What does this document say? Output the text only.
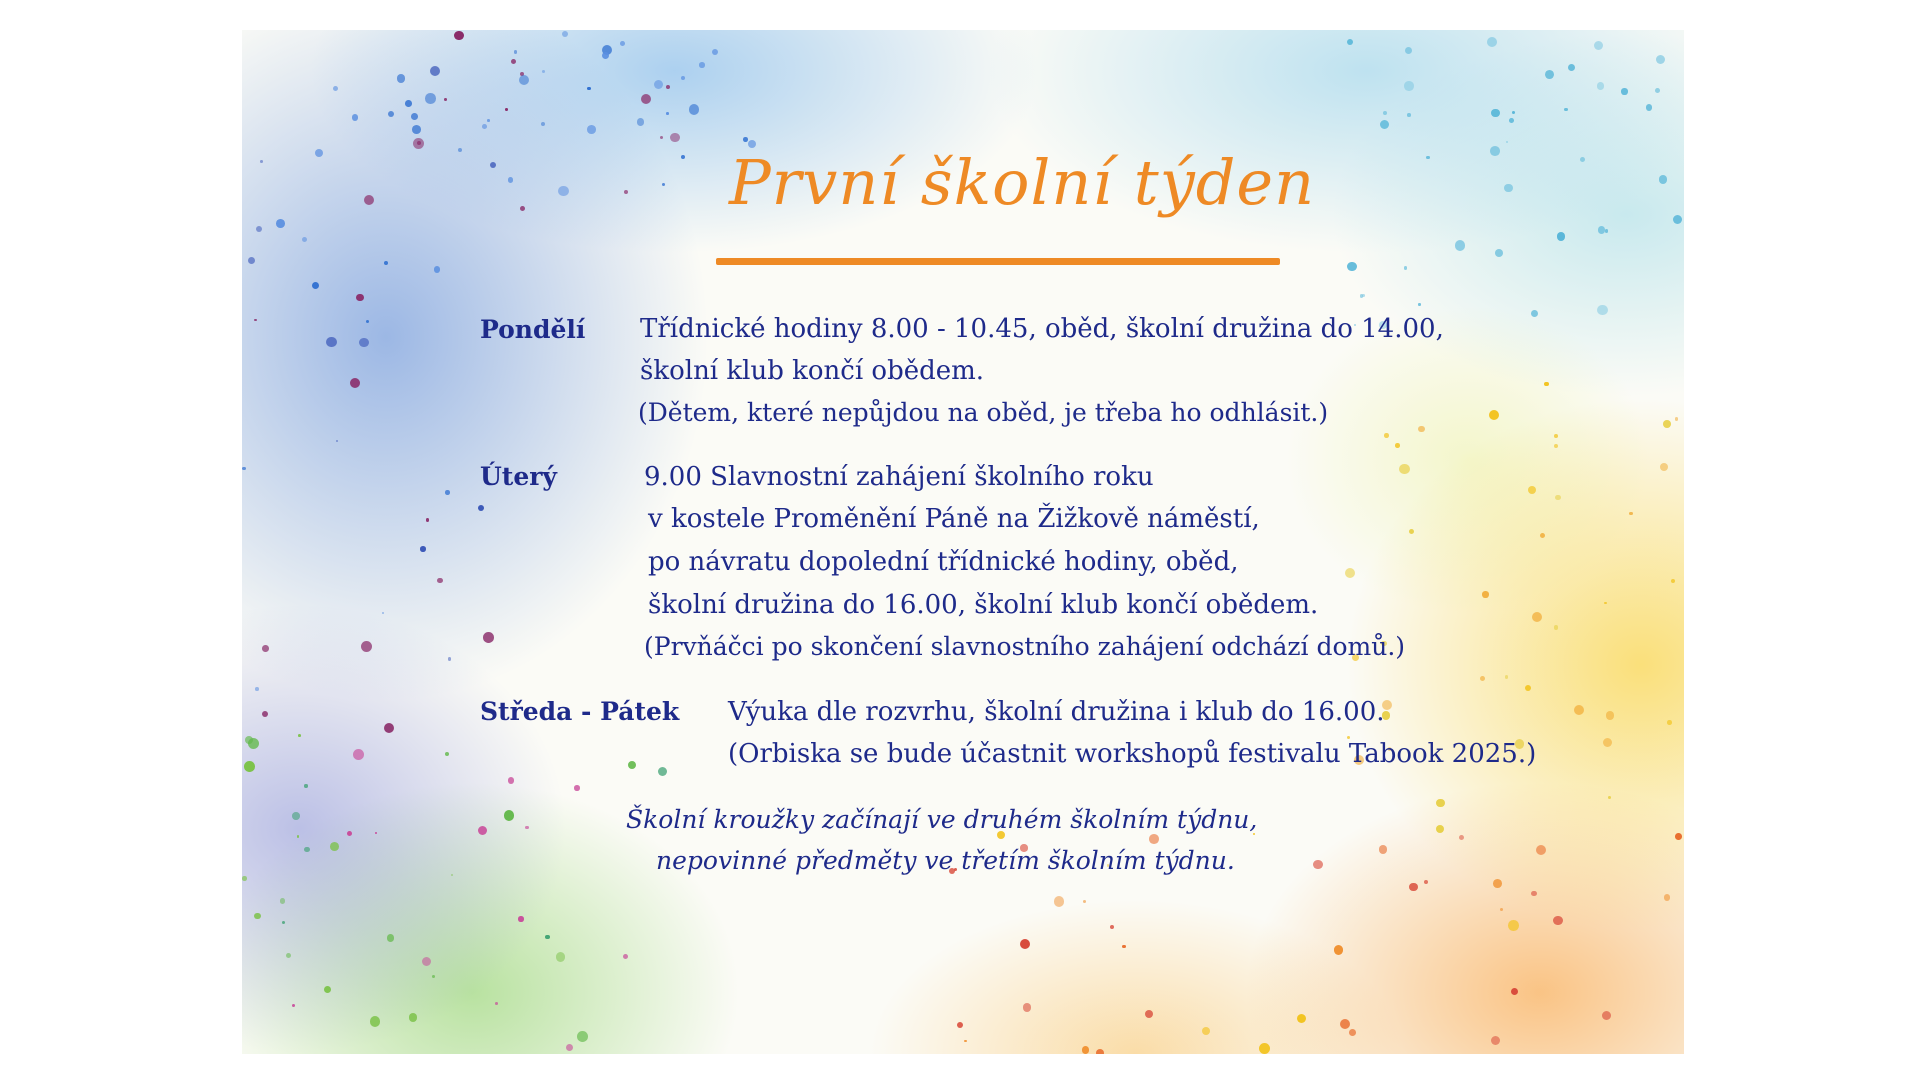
První školní týden
Pondělí Třídnické hodiny 8.00 - 10.45, oběd, školní družina do 14.00,
školní klub končí obědem.
(Dětem, které nepůjdou na oběd, je třeba ho odhlásit.)
Úterý	9.00 Slavnostní zahájení školního roku
v kostele Proměnění Páně na Žižkově náměstí,
po návratu dopolední třídnické hodiny, oběd,
školní družina do 16.00, školní klub končí obědem.
(Prvňáčci po skončení slavnostního zahájení odchází domů.)
Středa - Pátek Výuka dle rozvrhu, školní družina i klub do 16.00.
(Orbiska se bude účastnit workshopů festivalu Tabook 2025.)
Školní kroužky začínají ve druhém školním týdnu,
nepovinné předměty ve třetím školním týdnu.
